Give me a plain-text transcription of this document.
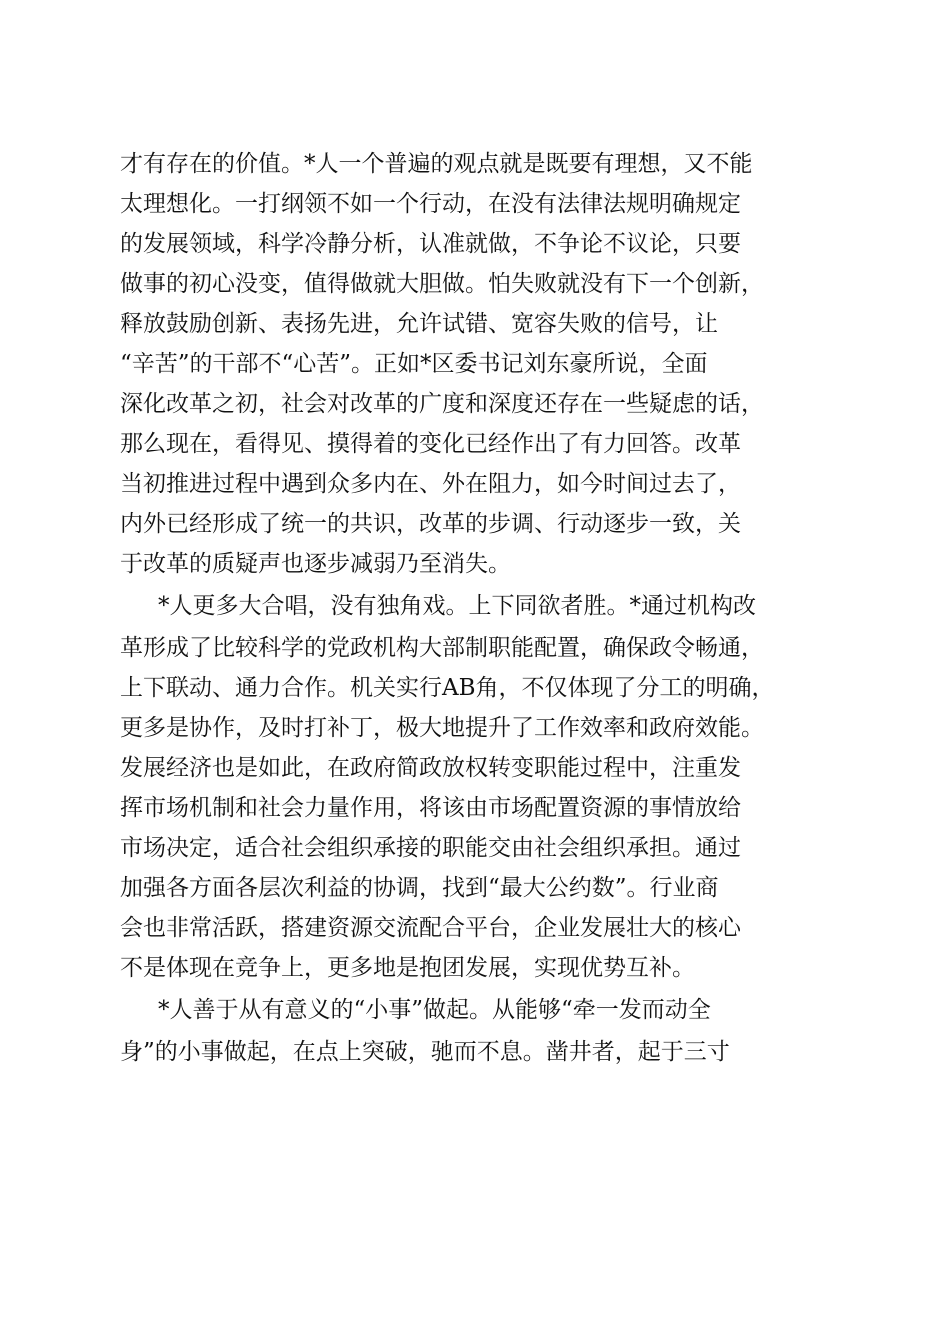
才有存在的价值。*人一个普遍的观点就是既要有理想，又不能
太理想化。一打纲领不如一个行动，在没有法律法规明确规定
的发展领域，科学冷静分析，认准就做，不争论不议论，只要
做事的初心没变，值得做就大胆做。怕失败就没有下一个创新，
释放鼓励创新、表扬先进，允许试错、宽容失败的信号，让
“辛苦”的干部不“心苦”。正如*区委书记刘东豪所说，全面
深化改革之初，社会对改革的广度和深度还存在一些疑虑的话，
那么现在，看得见、摸得着的变化已经作出了有力回答。改革
当初推进过程中遇到众多内在、外在阻力，如今时间过去了，
内外已经形成了统一的共识，改革的步调、行动逐步一致，关
于改革的质疑声也逐步减弱乃至消失。
*人更多大合唱，没有独角戏。上下同欲者胜。*通过机构改
革形成了比较科学的党政机构大部制职能配置，确保政令畅通，
上下联动、通力合作。机关实行AB角，不仅体现了分工的明确，
更多是协作，及时打补丁，极大地提升了工作效率和政府效能。
发展经济也是如此，在政府简政放权转变职能过程中，注重发
挥市场机制和社会力量作用，将该由市场配置资源的事情放给
市场决定，适合社会组织承接的职能交由社会组织承担。通过
加强各方面各层次利益的协调，找到“最大公约数”。行业商
会也非常活跃，搭建资源交流配合平台，企业发展壮大的核心
不是体现在竞争上，更多地是抱团发展，实现优势互补。
*人善于从有意义的“小事”做起。从能够“牵一发而动全
身”的小事做起，在点上突破，驰而不息。凿井者，起于三寸
